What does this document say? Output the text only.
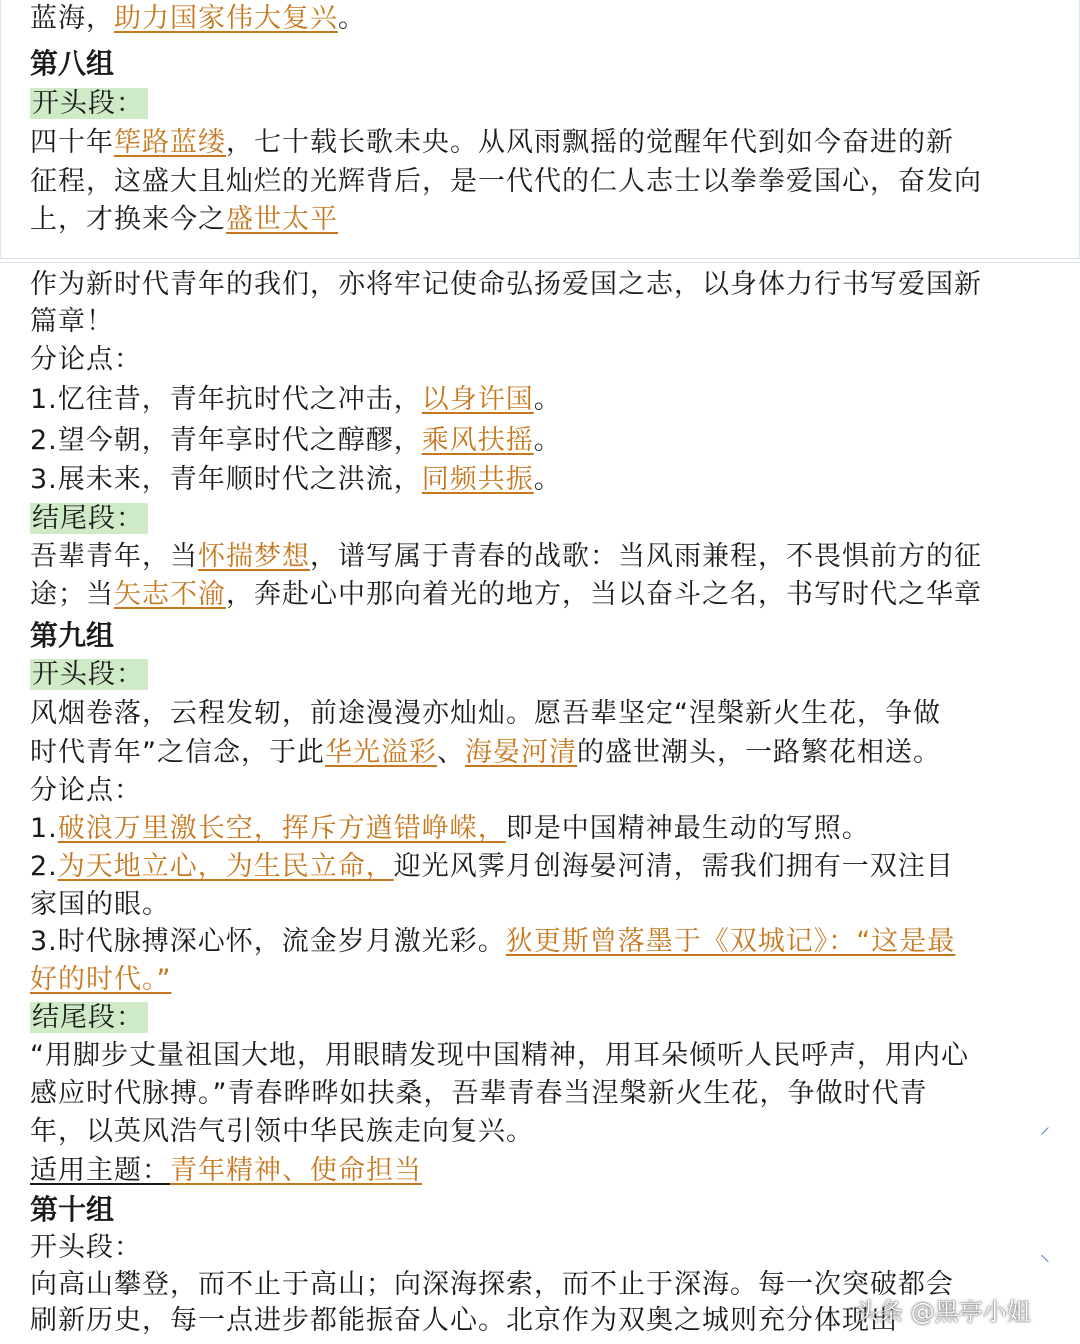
蓝海，助力国家伟大复兴。
第八组
开头段：
四十年筚路蓝缕，七十载长歌未央。从风雨飘摇的觉醒年代到如今奋进的新
征程，这盛大且灿烂的光辉背后，是一代代的仁人志士以拳拳爱国心，奋发向
上，才换来今之盛世太平
作为新时代青年的我们，亦将牢记使命弘扬爱国之志，以身体力行书写爱国新
篇章！
分论点：
1.忆往昔，青年抗时代之冲击，以身许国。
2.望今朝，青年享时代之醇醪，乘风扶摇。
3.展未来，青年顺时代之洪流，同频共振。
结尾段：
吾辈青年，当怀揣梦想，谱写属于青春的战歌：当风雨兼程，不畏惧前方的征
途；当矢志不渝，奔赴心中那向着光的地方，当以奋斗之名，书写时代之华章
第九组
开头段：
风烟卷落，云程发轫，前途漫漫亦灿灿。愿吾辈坚定“涅槃新火生花，争做
时代青年”之信念，于此华光溢彩、海晏河清的盛世潮头，一路繁花相送。
分论点：
1.破浪万里激长空，挥斥方遒错峥嵘，即是中国精神最生动的写照。
2.为天地立心，为生民立命，迎光风霁月创海晏河清，需我们拥有一双注目
家国的眼。
3.时代脉搏深心怀，流金岁月激光彩。狄更斯曾落墨于《双城记》：“这是最
好的时代。”
结尾段：
“用脚步丈量祖国大地，用眼睛发现中国精神，用耳朵倾听人民呼声，用内心
感应时代脉搏。”青春晔晔如扶桑，吾辈青春当涅槃新火生花，争做时代青
年，以英风浩气引领中华民族走向复兴。
适用主题：青年精神、使命担当
第十组
开头段：
向高山攀登，而不止于高山；向深海探索，而不止于深海。每一次突破都会
刷新历史，每一点进步都能振奋人心。北京作为双奥之城则充分体现出
⸝
⸌
头条 @黑亭小姐
